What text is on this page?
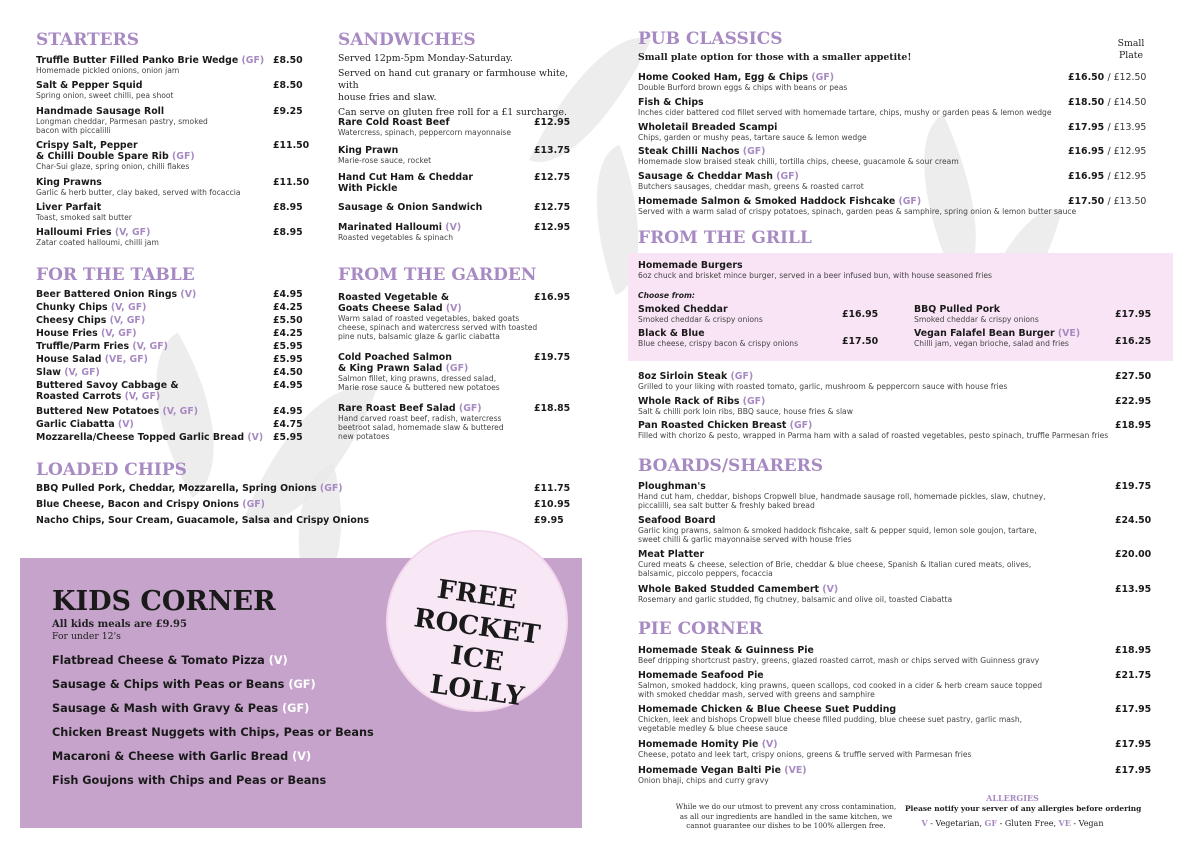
STARTERS
Truffle Butter Filled Panko Brie Wedge (GF)
Homemade pickled onions, onion jam
£8.50
Salt & Pepper Squid
Spring onion, sweet chilli, pea shoot
£8.50
Handmade Sausage Roll
Longman cheddar, Parmesan pastry, smoked
bacon with piccalilli
£9.25
Crispy Salt, Pepper
& Chilli Double Spare Rib (GF)
Char-Sui glaze, spring onion, chilli flakes
£11.50
King Prawns
Garlic & herb butter, clay baked, served with focaccia
£11.50
Liver Parfait
Toast, smoked salt butter
£8.95
Halloumi Fries (V, GF)
Zatar coated halloumi, chilli jam
£8.95
FOR THE TABLE
Beer Battered Onion Rings (V)	£4.95
Chunky Chips (V, GF)	£4.25
Cheesy Chips (V, GF)	£5.50
House Fries (V, GF)	£4.25
Truffle/Parm Fries (V, GF)	£5.95
House Salad (VE, GF)	£5.95
Slaw (V, GF)	£4.50
Buttered Savoy Cabbage &
Roasted Carrots (V, GF)
£4.95
Buttered New Potatoes (V, GF)	£4.95
Garlic Ciabatta (V)	£4.75
Mozzarella/Cheese Topped Garlic Bread (V)	£5.95
LOADED CHIPS
BBQ Pulled Pork, Cheddar, Mozzarella, Spring Onions (GF)	£11.75
Blue Cheese, Bacon and Crispy Onions (GF)	£10.95
Nacho Chips, Sour Cream, Guacamole, Salsa and Crispy Onions	£9.95
SANDWICHES
Served 12pm-5pm Monday-Saturday.
Served on hand cut granary or farmhouse white, with
house fries and slaw.
Can serve on gluten free roll for a £1 surcharge.
Rare Cold Roast Beef
Watercress, spinach, peppercorn mayonnaise
£12.95
King Prawn
Marie-rose sauce, rocket
£13.75
Hand Cut Ham & Cheddar
With Pickle
£12.75
Sausage & Onion Sandwich	£12.75
Marinated Halloumi (V)
Roasted vegetables & spinach
£12.95
FROM THE GARDEN
Roasted Vegetable &
Goats Cheese Salad (V)
Warm salad of roasted vegetables, baked goats
cheese, spinach and watercress served with toasted
pine nuts, balsamic glaze & garlic ciabatta
£16.95
Cold Poached Salmon
& King Prawn Salad (GF)
Salmon fillet, king prawns, dressed salad,
Marie rose sauce & buttered new potatoes
£19.75
Rare Roast Beef Salad (GF)
Hand carved roast beef, radish, watercress
beetroot salad, homemade slaw & buttered
new potatoes
£18.85
KIDS CORNER
All kids meals are £9.95
For under 12's
Flatbread Cheese & Tomato Pizza (V)
Sausage & Chips with Peas or Beans (GF)
Sausage & Mash with Gravy & Peas (GF)
Chicken Breast Nuggets with Chips, Peas or Beans
Macaroni & Cheese with Garlic Bread (V)
Fish Goujons with Chips and Peas or Beans
FREE
ROCKET
ICE
LOLLY
PUB CLASSICS
Small plate option for those with a smaller appetite!
Small
Plate
Home Cooked Ham, Egg & Chips (GF)
Double Burford brown eggs & chips with beans or peas
£16.50 / £12.50
Fish & Chips
Inches cider battered cod fillet served with homemade tartare, chips, mushy or garden peas & lemon wedge
£18.50 / £14.50
Wholetail Breaded Scampi
Chips, garden or mushy peas, tartare sauce & lemon wedge
£17.95 / £13.95
Steak Chilli Nachos (GF)
Homemade slow braised steak chilli, tortilla chips, cheese, guacamole & sour cream
£16.95 / £12.95
Sausage & Cheddar Mash (GF)
Butchers sausages, cheddar mash, greens & roasted carrot
£16.95 / £12.95
Homemade Salmon & Smoked Haddock Fishcake (GF)
Served with a warm salad of crispy potatoes, spinach, garden peas & samphire, spring onion & lemon butter sauce
£17.50 / £13.50
FROM THE GRILL
Homemade Burgers
6oz chuck and brisket mince burger, served in a beer infused bun, with house seasoned fries
Choose from:
Smoked Cheddar
Smoked cheddar & crispy onions	£16.95
Black & Blue
Blue cheese, crispy bacon & crispy onions	£17.50
BBQ Pulled Pork
Smoked cheddar & crispy onions	£17.95
Vegan Falafel Bean Burger (VE)
Chilli jam, vegan brioche, salad and fries	£16.25
8oz Sirloin Steak (GF)
Grilled to your liking with roasted tomato, garlic, mushroom & peppercorn sauce with house fries
£27.50
Whole Rack of Ribs (GF)
Salt & chilli pork loin ribs, BBQ sauce, house fries & slaw
£22.95
Pan Roasted Chicken Breast (GF)
Filled with chorizo & pesto, wrapped in Parma ham with a salad of roasted vegetables, pesto spinach, truffle Parmesan fries
£18.95
BOARDS/SHARERS
Ploughman's
Hand cut ham, cheddar, bishops Cropwell blue, handmade sausage roll, homemade pickles, slaw, chutney,
piccalilli, sea salt butter & freshly baked bread
£19.75
Seafood Board
Garlic king prawns, salmon & smoked haddock fishcake, salt & pepper squid, lemon sole goujon, tartare,
sweet chilli & garlic mayonnaise served with house fries
£24.50
Meat Platter
Cured meats & cheese, selection of Brie, cheddar & blue cheese, Spanish & Italian cured meats, olives,
balsamic, piccolo peppers, focaccia
£20.00
Whole Baked Studded Camembert (V)
Rosemary and garlic studded, fig chutney, balsamic and olive oil, toasted Ciabatta
£13.95
PIE CORNER
Homemade Steak & Guinness Pie
Beef dripping shortcrust pastry, greens, glazed roasted carrot, mash or chips served with Guinness gravy
£18.95
Homemade Seafood Pie
Salmon, smoked haddock, king prawns, queen scallops, cod cooked in a cider & herb cream sauce topped
with smoked cheddar mash, served with greens and samphire
£21.75
Homemade Chicken & Blue Cheese Suet Pudding
Chicken, leek and bishops Cropwell blue cheese filled pudding, blue cheese suet pastry, garlic mash,
vegetable medley & blue cheese sauce
£17.95
Homemade Homity Pie (V)
Cheese, potato and leek tart, crispy onions, greens & truffle served with Parmesan fries
£17.95
Homemade Vegan Balti Pie (VE)
Onion bhaji, chips and curry gravy
£17.95
While we do our utmost to prevent any cross contamination,
as all our ingredients are handled in the same kitchen, we
cannot guarantee our dishes to be 100% allergen free.
ALLERGIES
Please notify your server of any allergies before ordering
V - Vegetarian, GF - Gluten Free, VE - Vegan
